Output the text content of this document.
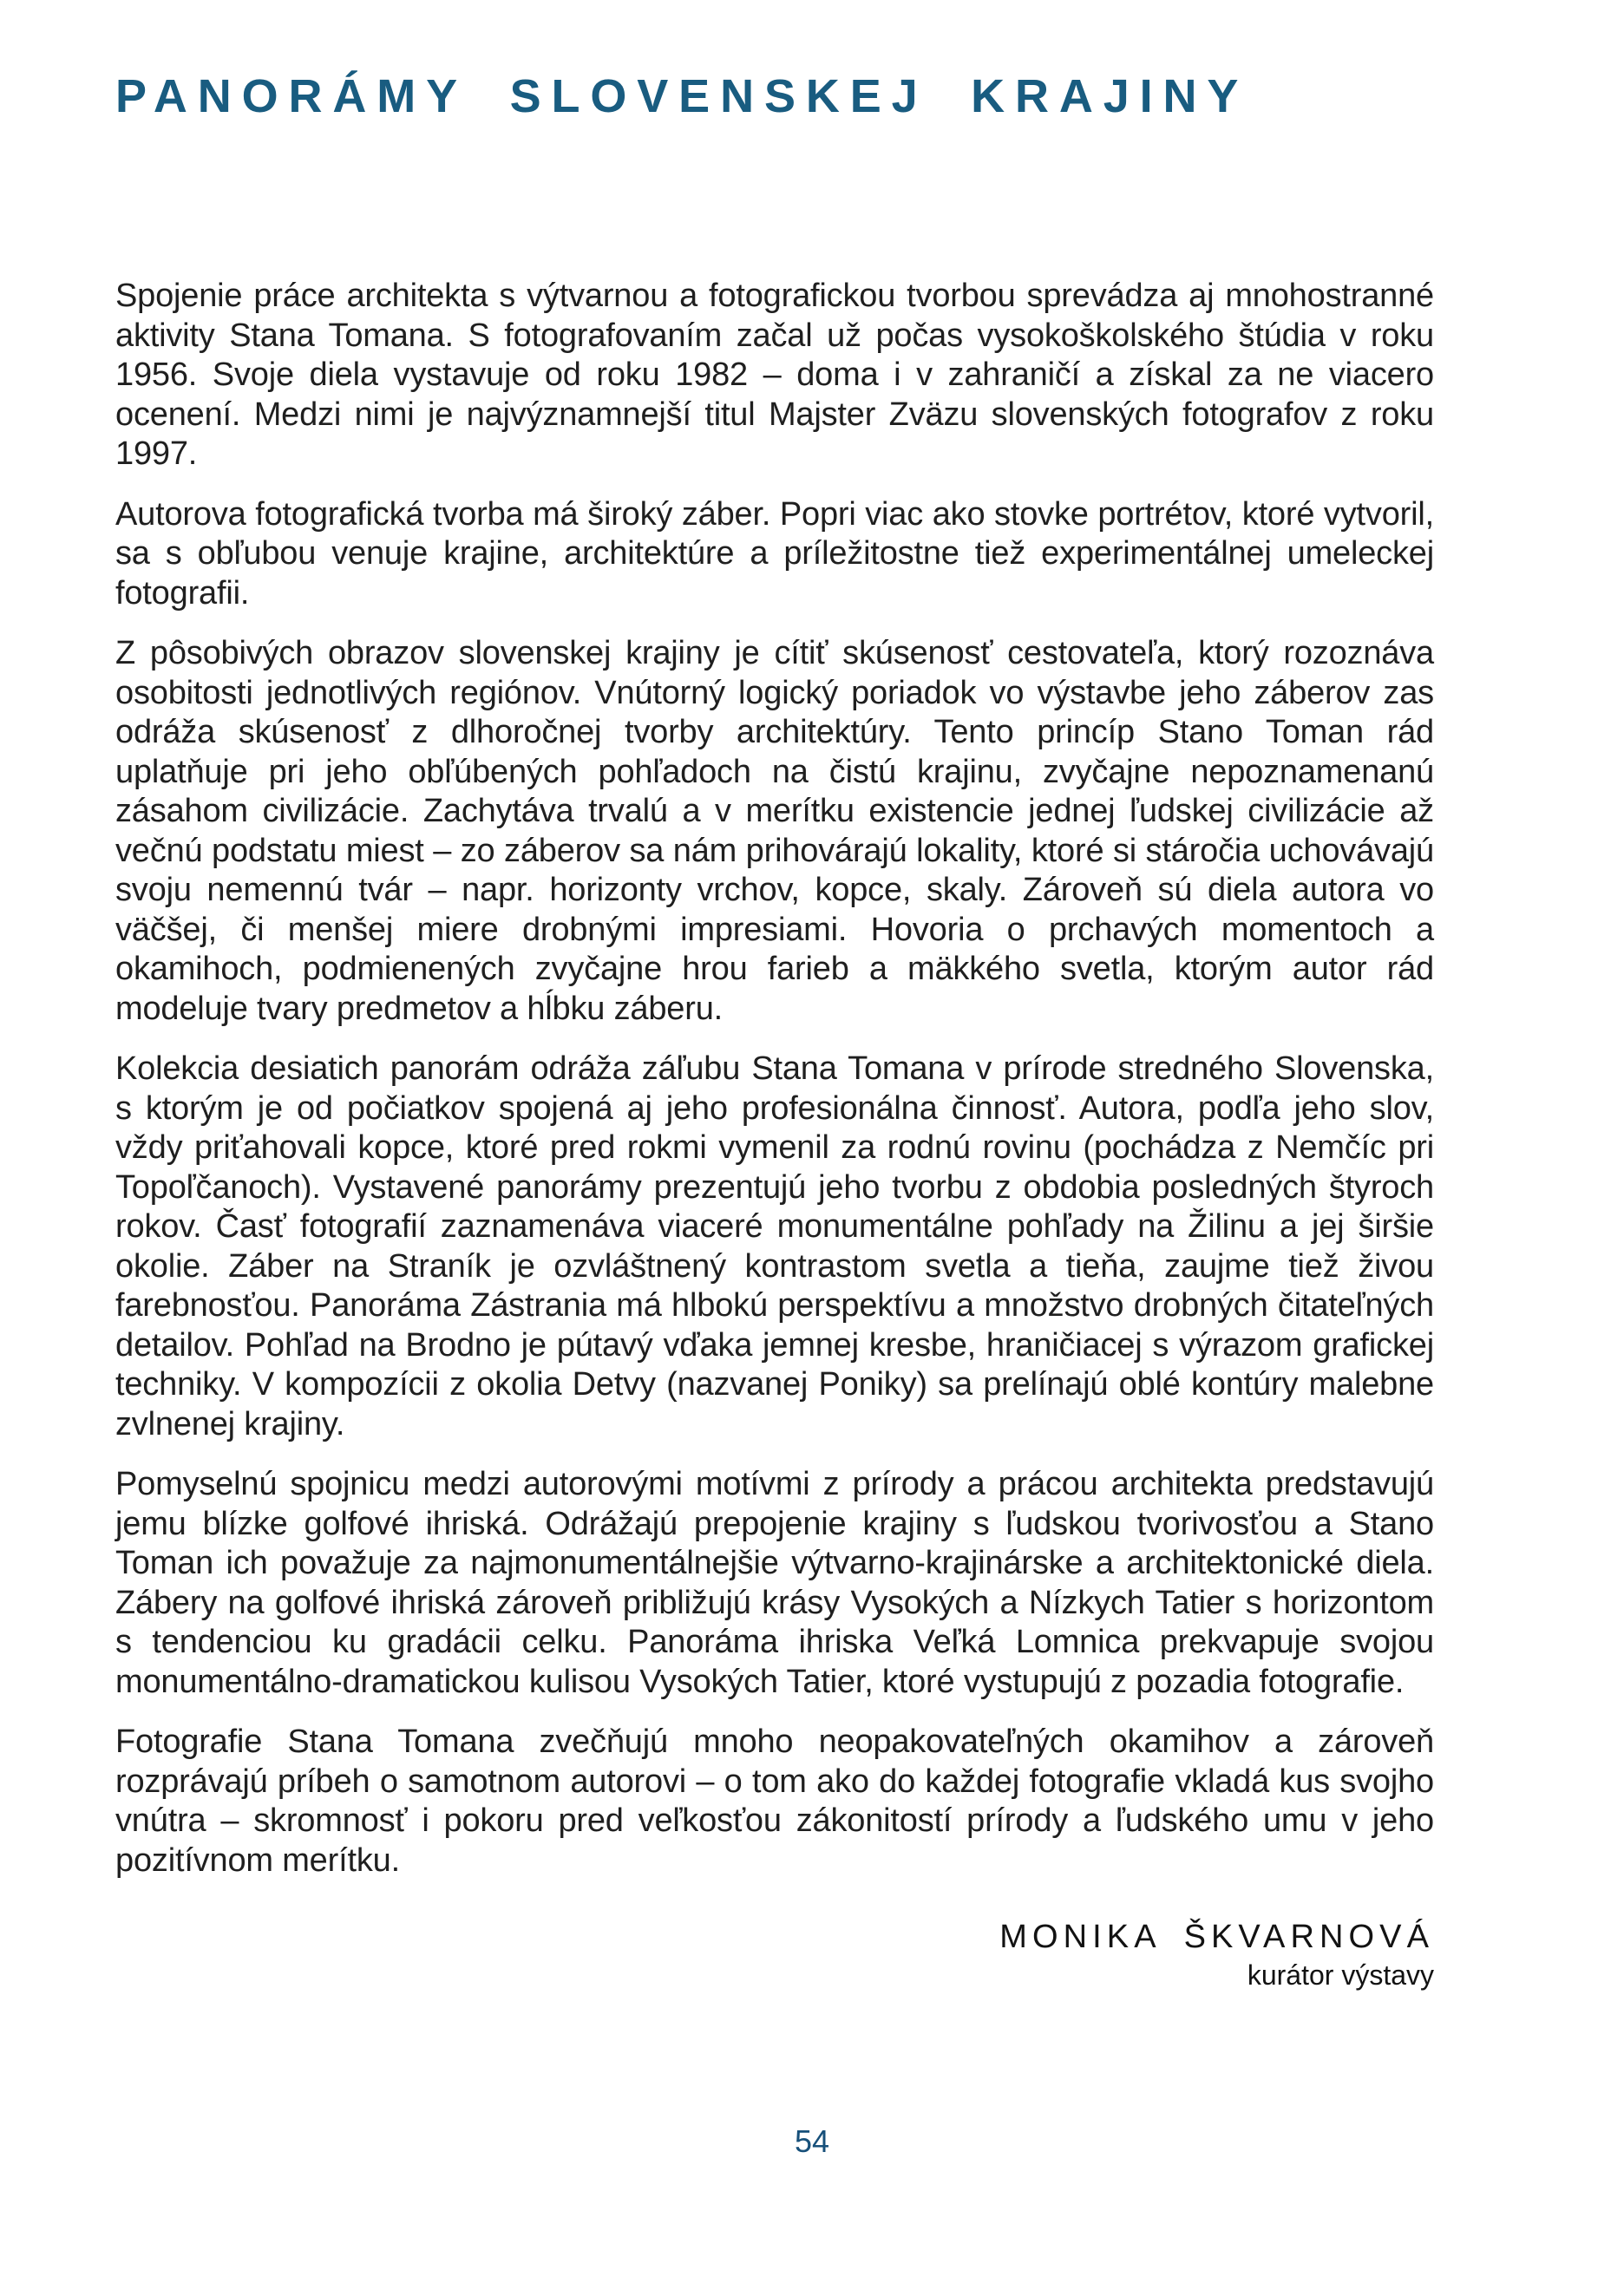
PANORÁMY SLOVENSKEJ KRAJINY

Spojenie práce architekta s výtvarnou a fotografickou tvorbou sprevádza aj mnohostranné aktivity Stana Tomana. S fotografovaním začal už počas vysokoškolského štúdia v roku 1956. Svoje diela vystavuje od roku 1982 – doma i v zahraničí a získal za ne viacero ocenení. Medzi nimi je najvýznamnejší titul Majster Zväzu slovenských fotografov z roku 1997.

Autorova fotografická tvorba má široký záber. Popri viac ako stovke portrétov, ktoré vytvoril, sa s obľubou venuje krajine, architektúre a príležitostne tiež experimentálnej umeleckej fotografii.

Z pôsobivých obrazov slovenskej krajiny je cítiť skúsenosť cestovateľa, ktorý rozoznáva osobitosti jednotlivých regiónov. Vnútorný logický poriadok vo výstavbe jeho záberov zas odráža skúsenosť z dlhoročnej tvorby architektúry. Tento princíp Stano Toman rád uplatňuje pri jeho obľúbených pohľadoch na čistú krajinu, zvyčajne nepoznamenanú zásahom civilizácie. Zachytáva trvalú a v merítku existencie jednej ľudskej civilizácie až večnú podstatu miest – zo záberov sa nám prihovárajú lokality, ktoré si stáročia uchovávajú svoju nemennú tvár – napr. horizonty vrchov, kopce, skaly. Zároveň sú diela autora vo väčšej, či menšej miere drobnými impresiami. Hovoria o prchavých momentoch a okamihoch, podmienených zvyčajne hrou farieb a mäkkého svetla, ktorým autor rád modeluje tvary predmetov a hĺbku záberu.

Kolekcia desiatich panorám odráža záľubu Stana Tomana v prírode stredného Slovenska, s ktorým je od počiatkov spojená aj jeho profesionálna činnosť. Autora, podľa jeho slov, vždy priťahovali kopce, ktoré pred rokmi vymenil za rodnú rovinu (pochádza z Nemčíc pri Topoľčanoch). Vystavené panorámy prezentujú jeho tvorbu z obdobia posledných štyroch rokov. Časť fotografií zaznamenáva viaceré monumentálne pohľady na Žilinu a jej širšie okolie. Záber na Straník je ozvláštnený kontrastom svetla a tieňa, zaujme tiež živou farebnosťou. Panoráma Zástrania má hlbokú perspektívu a množstvo drobných čitateľných detailov. Pohľad na Brodno je pútavý vďaka jemnej kresbe, hraničiacej s výrazom grafickej techniky. V kompozícii z okolia Detvy (nazvanej Poniky) sa prelínajú oblé kontúry malebne zvlnenej krajiny.

Pomyselnú spojnicu medzi autorovými motívmi z prírody a prácou architekta predstavujú jemu blízke golfové ihriská. Odrážajú prepojenie krajiny s ľudskou tvorivosťou a Stano Toman ich považuje za najmonumentálnejšie výtvarno-krajinárske a architektonické diela. Zábery na golfové ihriská zároveň približujú krásy Vysokých a Nízkych Tatier s horizontom s tendenciou ku gradácii celku. Panoráma ihriska Veľká Lomnica prekvapuje svojou monumentálno-dramatickou kulisou Vysokých Tatier, ktoré vystupujú z pozadia fotografie.

Fotografie Stana Tomana zvečňujú mnoho neopakovateľných okamihov a zároveň rozprávajú príbeh o samotnom autorovi – o tom ako do každej fotografie vkladá kus svojho vnútra – skromnosť i pokoru pred veľkosťou zákonitostí prírody a ľudského umu v jeho pozitívnom merítku.

MONIKA ŠKVARNOVÁ
kurátor výstavy
54
